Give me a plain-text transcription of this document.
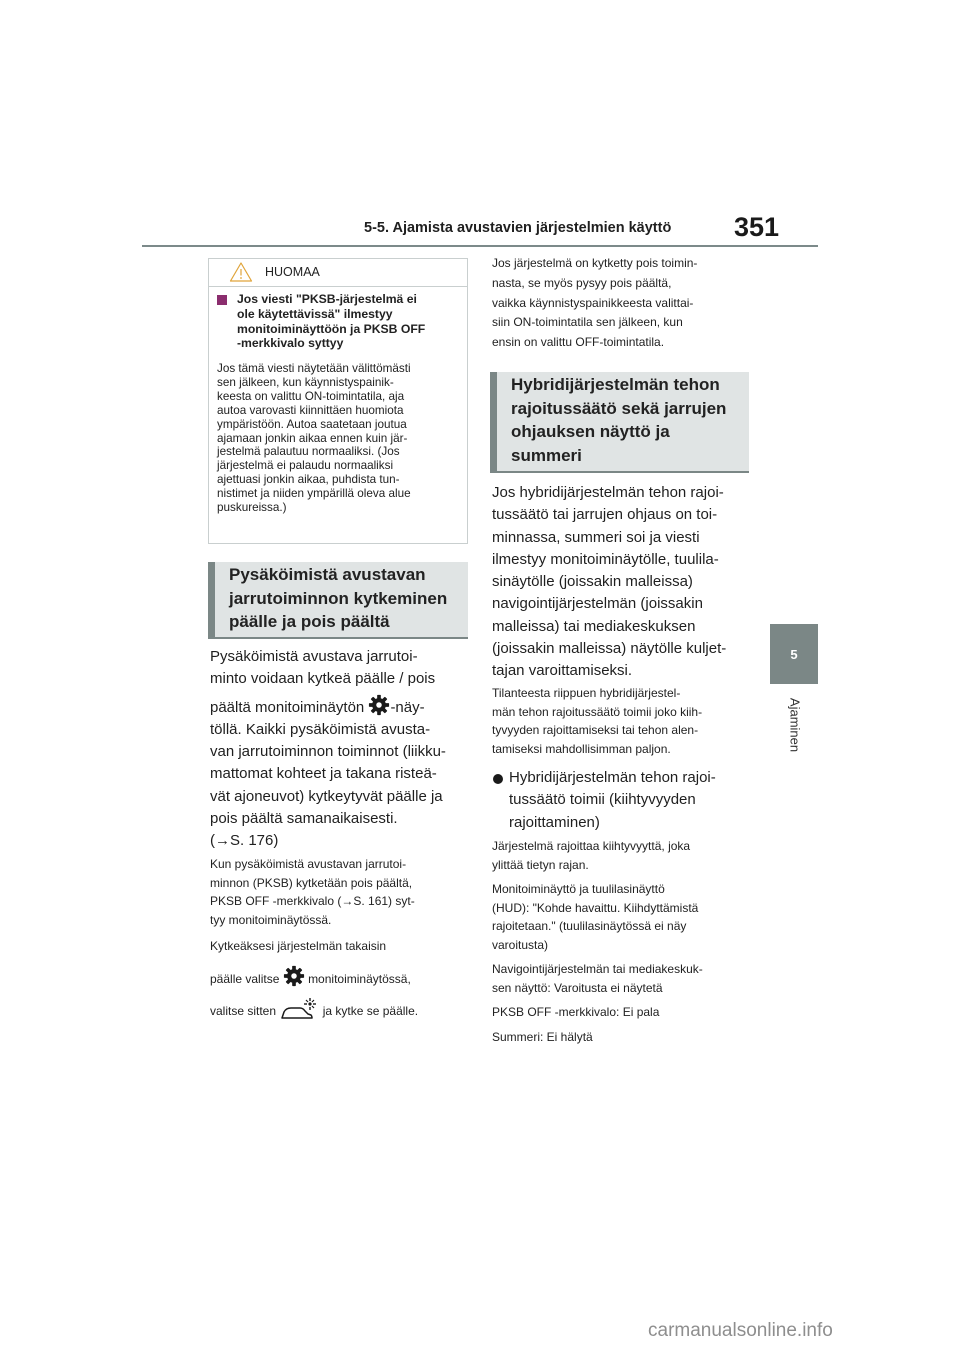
5-5. Ajamista avustavien järjestelmien käyttö 351
5
Ajaminen
HUOMAA
Jos viesti "PKSB-järjestelmä ei
ole käytettävissä" ilmestyy
monitoiminäyttöön ja PKSB OFF
-merkkivalo syttyy
Jos tämä viesti näytetään välittömästi
sen jälkeen, kun käynnistyspainik-
keesta on valittu ON-toimintatila, aja
autoa varovasti kiinnittäen huomiota
ympäristöön. Autoa saatetaan joutua
ajamaan jonkin aikaa ennen kuin jär-
jestelmä palautuu normaaliksi. (Jos
järjestelmä ei palaudu normaaliksi
ajettuasi jonkin aikaa, puhdista tun-
nistimet ja niiden ympärillä oleva alue
puskureissa.)
Pysäköimistä avustavan
jarrutoiminnon kytkeminen
päälle ja pois päältä
Pysäköimistä avustava jarrutoi-
minto voidaan kytkeä päälle / pois
päältä monitoiminäytön -näy-
töllä. Kaikki pysäköimistä avusta-
van jarrutoiminnon toiminnot (liikku-
mattomat kohteet ja takana risteä-
vät ajoneuvot) kytkeytyvät päälle ja
pois päältä samanaikaisesti.
(→S. 176)
Kun pysäköimistä avustavan jarrutoi-
minnon (PKSB) kytketään pois päältä,
PKSB OFF -merkkivalo (→S. 161) syt-
tyy monitoiminäytössä.
Kytkeäksesi järjestelmän takaisin
päälle valitse monitoiminäytössä,
valitse sitten	ja kytke se päälle.
Jos järjestelmä on kytketty pois toimin-
nasta, se myös pysyy pois päältä,
vaikka käynnistyspainikkeesta valittai-
siin ON-toimintatila sen jälkeen, kun
ensin on valittu OFF-toimintatila.
Hybridijärjestelmän tehon
rajoitussäätö sekä jarrujen
ohjauksen näyttö ja
summeri
Jos hybridijärjestelmän tehon rajoi-
tussäätö tai jarrujen ohjaus on toi-
minnassa, summeri soi ja viesti
ilmestyy monitoiminäytölle, tuulila-
sinäytölle (joissakin malleissa)
navigointijärjestelmän (joissakin
malleissa) tai mediakeskuksen
(joissakin malleissa) näytölle kuljet-
tajan varoittamiseksi.
Tilanteesta riippuen hybridijärjestel-
män tehon rajoitussäätö toimii joko kiih-
tyvyyden rajoittamiseksi tai tehon alen-
tamiseksi mahdollisimman paljon.
Hybridijärjestelmän tehon rajoi-
tussäätö toimii (kiihtyvyyden
rajoittaminen)
Järjestelmä rajoittaa kiihtyvyyttä, joka
ylittää tietyn rajan.
Monitoiminäyttö ja tuulilasinäyttö
(HUD): "Kohde havaittu. Kiihdyttämistä
rajoitetaan." (tuulilasinäytössä ei näy
varoitusta)
Navigointijärjestelmän tai mediakeskuk-
sen näyttö: Varoitusta ei näytetä
PKSB OFF -merkkivalo: Ei pala
Summeri: Ei hälytä
carmanualsonline.info
